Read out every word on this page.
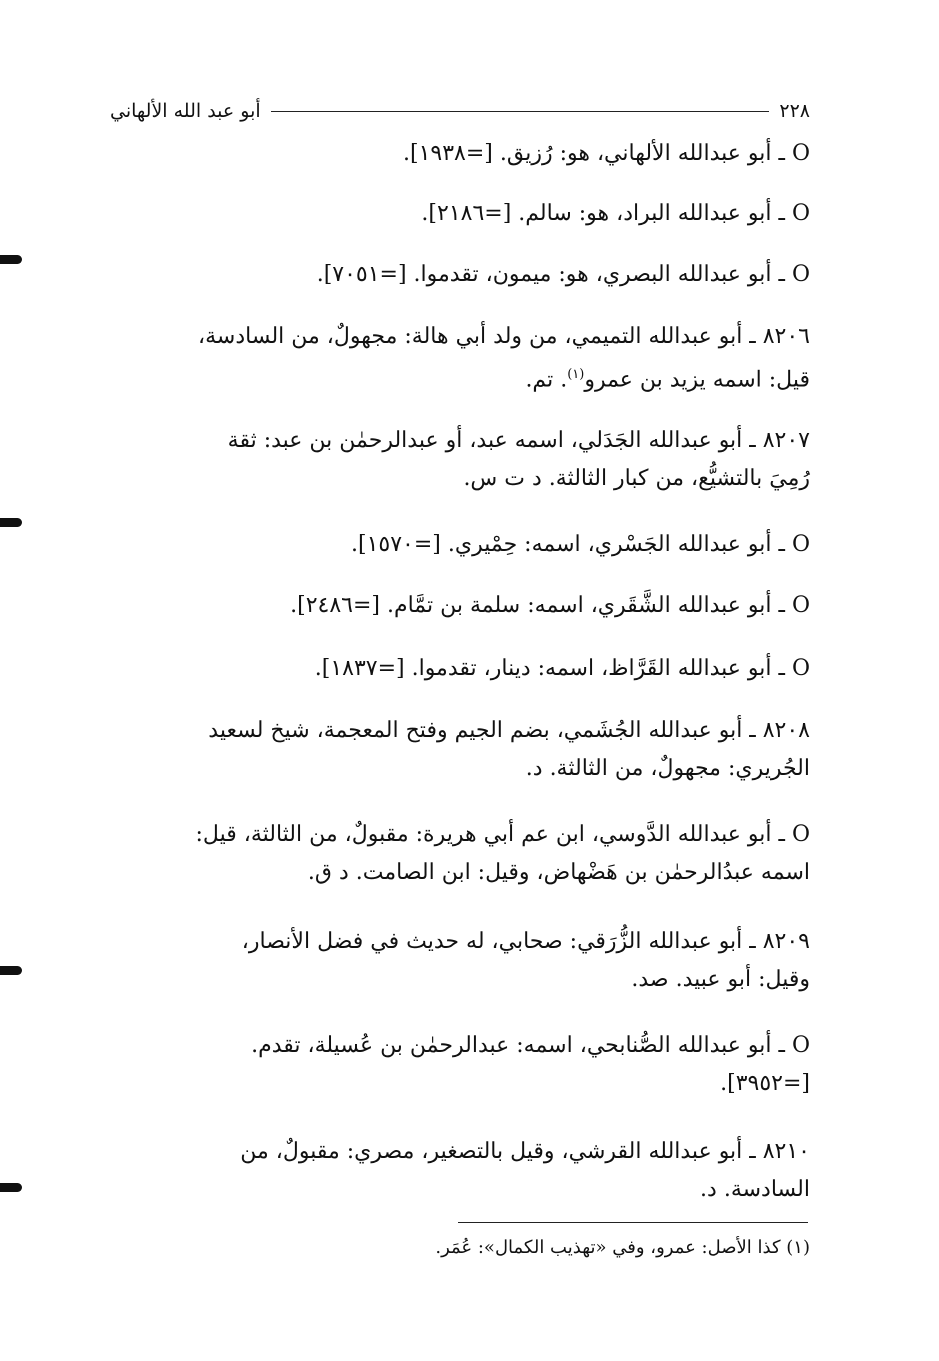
٢٢٨
أبو عبد الله الألهاني
O ـ أبو عبدالله الألهاني، هو: رُزيق. [=١٩٣٨].
O ـ أبو عبدالله البراد، هو: سالم. [=٢١٨٦].
O ـ أبو عبدالله البصري، هو: ميمون، تقدموا. [=٧٠٥١].
٨٢٠٦ ـ أبو عبدالله التميمي، من ولد أبي هالة: مجهولٌ، من السادسة،
قيل: اسمه يزيد بن عمرو$^{(١)}$. تم.
٨٢٠٧ ـ أبو عبدالله الجَدَلي، اسمه عبد، أو عبدالرحمٰن بن عبد: ثقة
رُمِيَ بالتشيُّع، من كبار الثالثة. د ت س.
O ـ أبو عبدالله الجَسْري، اسمه: حِمْيري. [=١٥٧٠].
O ـ أبو عبدالله الشَّقَري، اسمه: سلمة بن تمَّام. [=٢٤٨٦].
O ـ أبو عبدالله القَرَّاظ، اسمه: دينار، تقدموا. [=١٨٣٧].
٨٢٠٨ ـ أبو عبدالله الجُشَمي، بضم الجيم وفتح المعجمة، شيخ لسعيد
الجُريري: مجهولٌ، من الثالثة. د.
O ـ أبو عبدالله الدَّوسي، ابن عم أبي هريرة: مقبولٌ، من الثالثة، قيل:
اسمه عبدُالرحمٰن بن هَضْهاض، وقيل: ابن الصامت. د ق.
٨٢٠٩ ـ أبو عبدالله الزُّرَقي: صحابي، له حديث في فضل الأنصار،
وقيل: أبو عبيد. صد.
O ـ أبو عبدالله الصُّنابحي، اسمه: عبدالرحمٰن بن عُسيلة، تقدم.
[=٣٩٥٢].
٨٢١٠ ـ أبو عبدالله القرشي، وقيل بالتصغير، مصري: مقبولٌ، من
السادسة. د.
(١) كذا الأصل: عمرو، وفي «تهذيب الكمال»: عُمَر.
